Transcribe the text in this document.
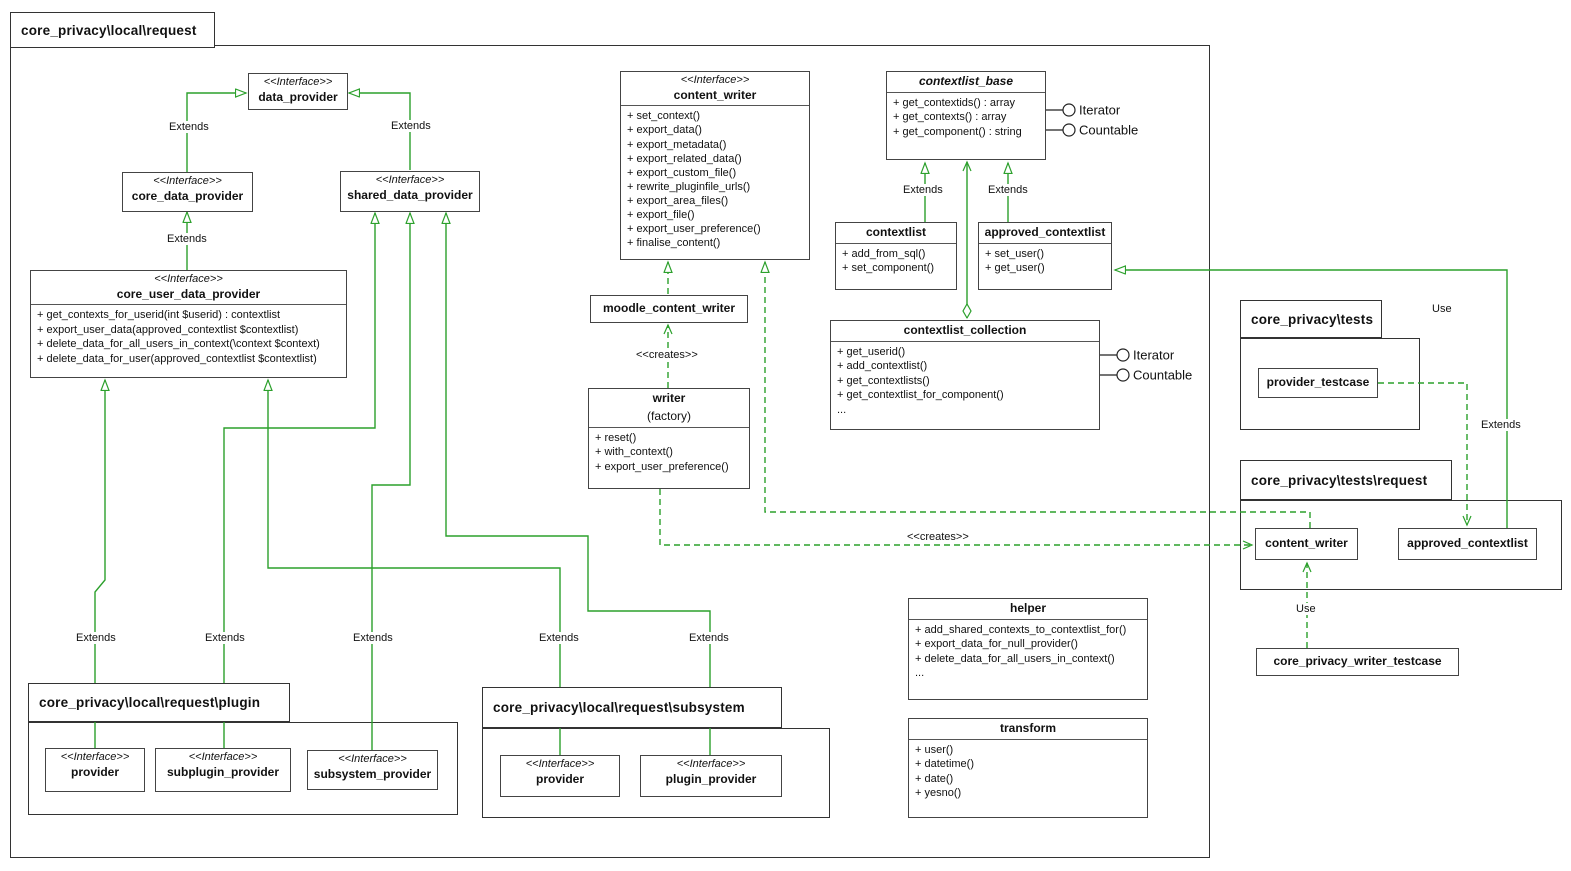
Iterator
Countable
Iterator
Countable
core_privacy\local\request
core_privacy\local\request\plugin	core_privacy\local\request\subsystem
core_privacy\tests
core_privacy\tests\request
<<Interface>>
data_provider
<<Interface>>
core_data_provider
<<Interface>>
shared_data_provider
<<Interface>>
core_user_data_provider
+ get_contexts_for_userid(int $userid) : contextlist
+ export_user_data(approved_contextlist $contextlist)
+ delete_data_for_all_users_in_context(\context $context)
+ delete_data_for_user(approved_contextlist $contextlist)
<<Interface>>
content_writer
+ set_context()
+ export_data()
+ export_metadata()
+ export_related_data()
+ export_custom_file()
+ rewrite_pluginfile_urls()
+ export_area_files()
+ export_file()
+ export_user_preference()
+ finalise_content()
contextlist_base
+ get_contextids() : array
+ get_contexts() : array
+ get_component() : string
contextlist
+ add_from_sql()
+ set_component()
approved_contextlist
+ set_user()
+ get_user()
contextlist_collection
+ get_userid()
+ add_contextlist()
+ get_contextlists()
+ get_contextlist_for_component()
...
moodle_content_writer
writer
(factory)
+ reset()
+ with_context()
+ export_user_preference()
helper
+ add_shared_contexts_to_contextlist_for()
+ export_data_for_null_provider()
+ delete_data_for_all_users_in_context()
...
transform
+ user()
+ datetime()
+ date()
+ yesno()
<<Interface>>
provider
<<Interface>>
subplugin_provider
<<Interface>>
subsystem_provider
<<Interface>>
provider
<<Interface>>
plugin_provider
provider_testcase
content_writer	approved_contextlist
core_privacy_writer_testcase
Extends	Extends
Extends
Extends	Extends
Extends	Extends	Extends	Extends	Extends
Extends
Use
Use
<<creates>>
<<creates>>
